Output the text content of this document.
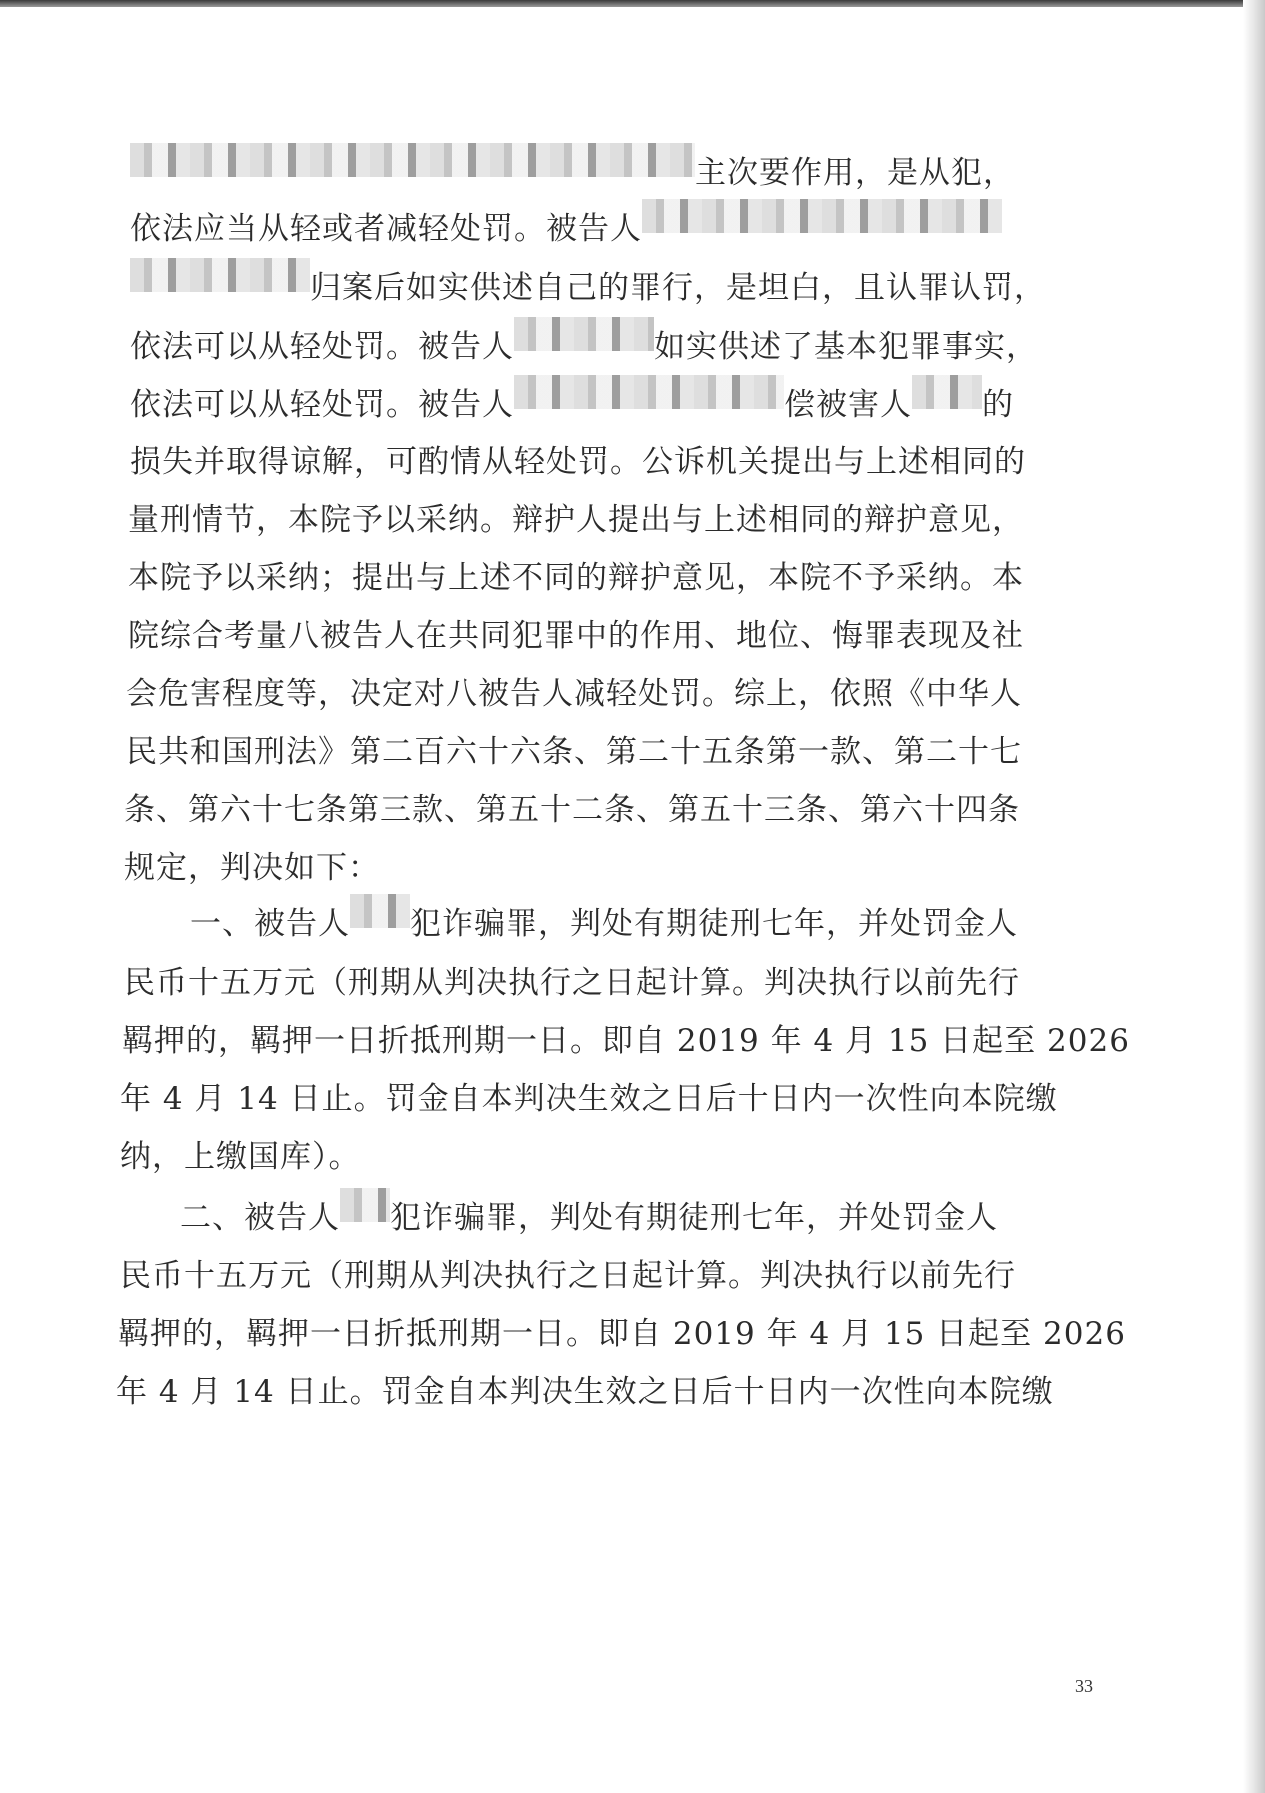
主次要作用，是从犯，
依法应当从轻或者减轻处罚。被告人
归案后如实供述自己的罪行，是坦白，且认罪认罚，
依法可以从轻处罚。被告人	如实供述了基本犯罪事实，
依法可以从轻处罚。被告人	偿被害人 的
损失并取得谅解，可酌情从轻处罚。公诉机关提出与上述相同的
量刑情节，本院予以采纳。辩护人提出与上述相同的辩护意见，
本院予以采纳；提出与上述不同的辩护意见，本院不予采纳。本
院综合考量八被告人在共同犯罪中的作用、地位、悔罪表现及社
会危害程度等，决定对八被告人减轻处罚。综上，依照《中华人
民共和国刑法》第二百六十六条、第二十五条第一款、第二十七
条、第六十七条第三款、第五十二条、第五十三条、第六十四条
规定，判决如下：
一、被告人 犯诈骗罪，判处有期徒刑七年，并处罚金人
民币十五万元（刑期从判决执行之日起计算。判决执行以前先行
羁押的，羁押一日折抵刑期一日。即自 2019 年 4 月 15 日起至 2026
年 4 月 14 日止。罚金自本判决生效之日后十日内一次性向本院缴
纳，上缴国库）。
二、被告人 犯诈骗罪，判处有期徒刑七年，并处罚金人
民币十五万元（刑期从判决执行之日起计算。判决执行以前先行
羁押的，羁押一日折抵刑期一日。即自 2019 年 4 月 15 日起至 2026
年 4 月 14 日止。罚金自本判决生效之日后十日内一次性向本院缴
33
